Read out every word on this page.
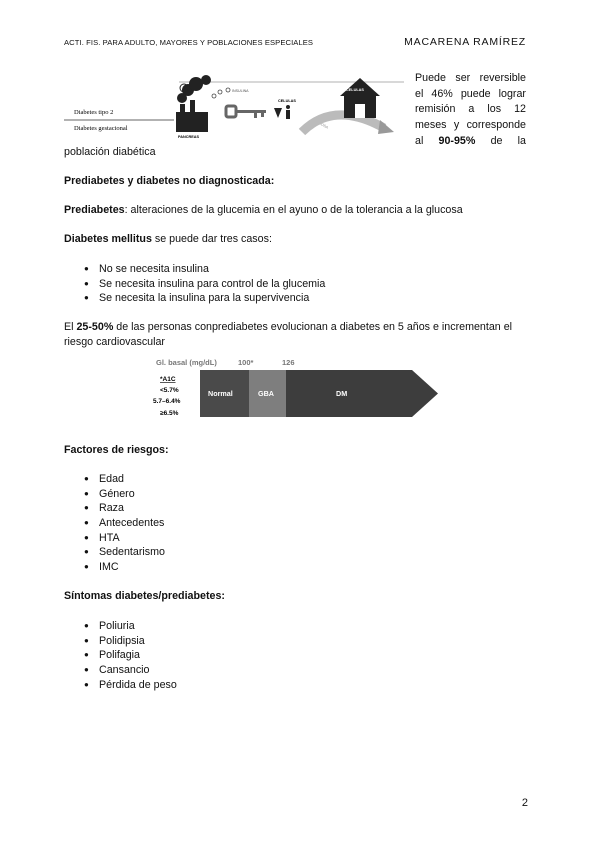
ACTI. FIS. PARA ADULTO, MAYORES Y POBLACIONES ESPECIALES	MACARENA RAMÍREZ
Diabetes tipo 2
Diabetes gestacional
PANCREAS
INSULINA
CELULAS
GLUCOSA
CELULAS
Puede ser reversible
el 46% puede lograr
remisión a los 12
meses y corresponde
al 90-95% de la
población diabética
Prediabetes y diabetes no diagnosticada:
Prediabetes: alteraciones de la glucemia en el ayuno o de la tolerancia a la glucosa
Diabetes mellitus se puede dar tres casos:
● No se necesita insulina
● Se necesita insulina para control de la glucemia
● Se necesita la insulina para la supervivencia
El 25-50% de las personas conprediabetes evolucionan a diabetes en 5 años e incrementan el riesgo cardiovascular
Gl. basal (mg/dL)	100*	126
*A1C
<5.7%
5.7–6.4%
≥6.5%
Normal	GBA	DM
Factores de riesgos:
● Edad
● Género
● Raza
● Antecedentes
● HTA
● Sedentarismo
● IMC
Síntomas diabetes/prediabetes:
● Poliuria
● Polidipsia
● Polifagia
● Cansancio
● Pérdida de peso
2
